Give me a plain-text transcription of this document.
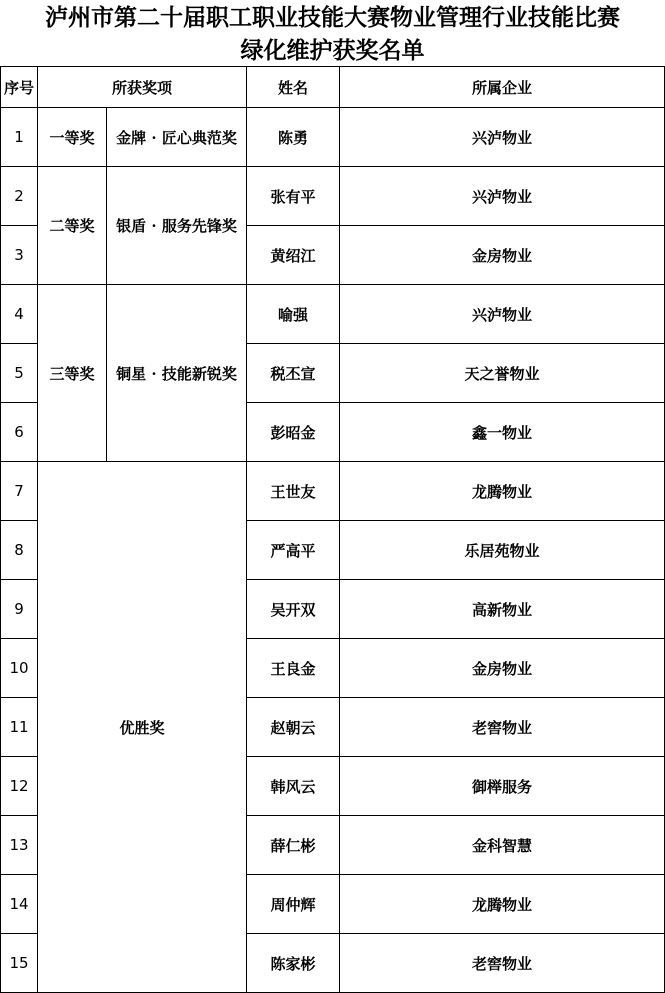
泸州市第二十届职工职业技能大赛物业管理行业技能比赛
绿化维护获奖名单
序号	所获奖项		姓名	所属企业
1	一等奖	金牌 · 匠心典范奖	陈勇	兴泸物业
2	二等奖	银盾 · 服务先锋奖	张有平	兴泸物业
3			黄绍江	金房物业
4	三等奖	铜星 · 技能新锐奖	喻强	兴泸物业
5			税丕宣	天之誉物业
6			彭昭金	鑫一物业
7	优胜奖		王世友	龙腾物业
8			严高平	乐居苑物业
9			吴开双	高新物业
10			王良金	金房物业
11			赵朝云	老窖物业
12			韩风云	御榉服务
13			薛仁彬	金科智慧
14			周仲辉	龙腾物业
15			陈家彬	老窖物业
